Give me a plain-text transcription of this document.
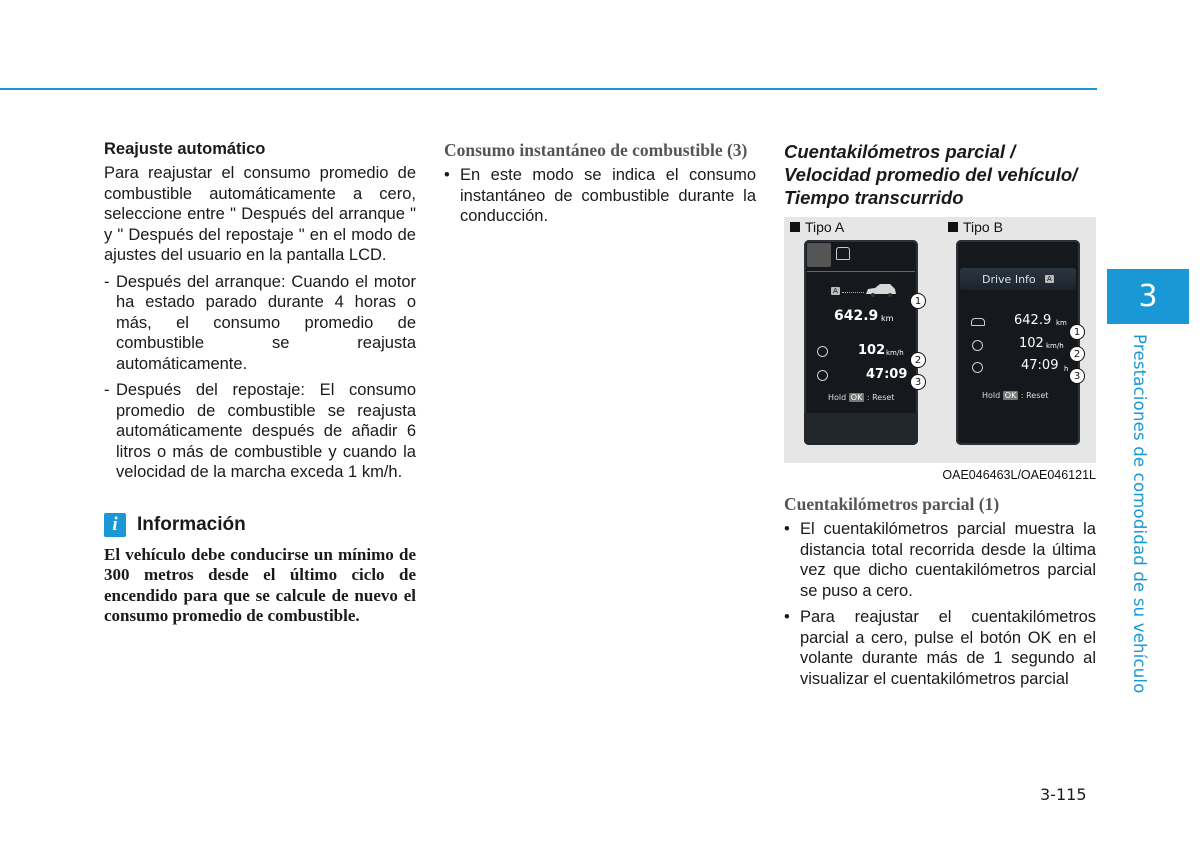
3
Prestaciones de comodidad de su vehículo
Reajuste automático

Para reajustar el consumo promedio de combustible automáticamente a cero, seleccione entre " Después del arranque " y " Después del repostaje " en el modo de ajustes del usuario en la pantalla LCD.

- Después del arranque: Cuando el motor ha estado parado durante 4 horas o más, el consumo promedio de combustible se reajusta automáticamente.
- Después del repostaje: El consumo promedio de combustible se reajusta automáticamente después de añadir 6 litros o más de combustible y cuando la velocidad de la marcha exceda 1 km/h.
i	Información

El vehículo debe conducirse un mínimo de 300 metros desde el último ciclo de encendido para que se calcule de nuevo el consumo promedio de combustible.

Consumo instantáneo de combustible (3)
• En este modo se indica el consumo instantáneo de combustible durante la conducción.
Cuentakilómetros parcial / Velocidad promedio del vehículo/ Tiempo transcurrido
Tipo A	Tipo B
A
642.9 km
102 km/h
47:09
Hold OK : Reset
Drive Info A
642.9 km
102 km/h
47:09 h
Hold OK : Reset
1
2
3
1
2
3
OAE046463L/OAE046121L
Cuentakilómetros parcial (1)
• El cuentakilómetros parcial muestra la distancia total recorrida desde la última vez que dicho cuentakilómetros parcial se puso a cero.
• Para reajustar el cuentakilómetros parcial a cero, pulse el botón OK en el volante durante más de 1 segundo al visualizar el cuentakilómetros parcial
3-115
